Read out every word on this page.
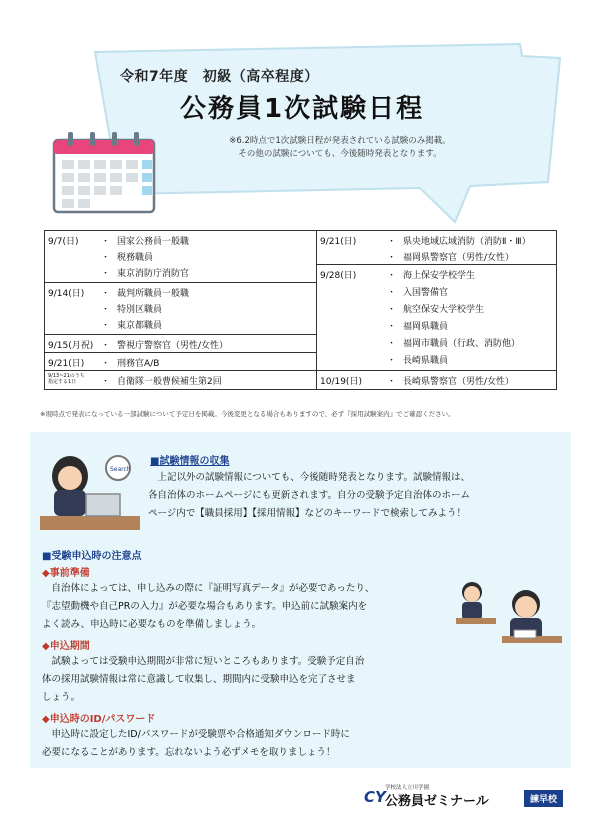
令和7年度　初級（高卒程度）
公務員1次試験日程
※6.2時点で1次試験日程が発表されている試験のみ掲載。
その他の試験についても、今後随時発表となります。
9/7(日) ・ 国家公務員一般職
・ 税務職員
・ 東京消防庁消防官
9/14(日) ・ 裁判所職員一般職
・ 特別区職員
・ 東京都職員
9/15(月祝) ・ 警視庁警察官（男性/女性）
9/21(日) ・ 刑務官A/B
9/13~21のうち
指定する1日	・ 自衛隊一般曹候補生第2回
9/21(日)	・ 県央地域広域消防（消防Ⅱ・Ⅲ）
・ 福岡県警察官（男性/女性）
9/28(日)	・ 海上保安学校学生
・ 入国警備官
・ 航空保安大学校学生
・ 福岡県職員
・ 福岡市職員（行政、消防他）
・ 長崎県職員
10/19(日)	・ 長崎県警察官（男性/女性）
※現時点で発表になっている一部試験について予定日を掲載。今後変更となる場合もありますので、必ず『採用試験案内』でご確認ください。
Search
■試験情報の収集
　上記以外の試験情報についても、今後随時発表となります。試験情報は、
各自治体のホームページにも更新されます。自分の受験予定自治体のホーム
ページ内で【職員採用】【採用情報】などのキーワードで検索してみよう！
■受験申込時の注意点
◆事前準備
　自治体によっては、申し込みの際に『証明写真データ』が必要であったり、
『志望動機や自己PRの入力』が必要な場合もあります。申込前に試験案内を
よく読み、申込時に必要なものを準備しましょう。
◆申込期間
　試験よっては受験申込期間が非常に短いところもあります。受験予定自治
体の採用試験情報は常に意識して収集し、期間内に受験申込を完了させま
しょう。
◆申込時のID/パスワード
　申込時に設定したID/パスワードが受験票や合格通知ダウンロード時に
必要になることがあります。忘れないよう必ずメモを取りましょう！
学校法人立川学園
CY 公務員ゼミナール	諫早校
